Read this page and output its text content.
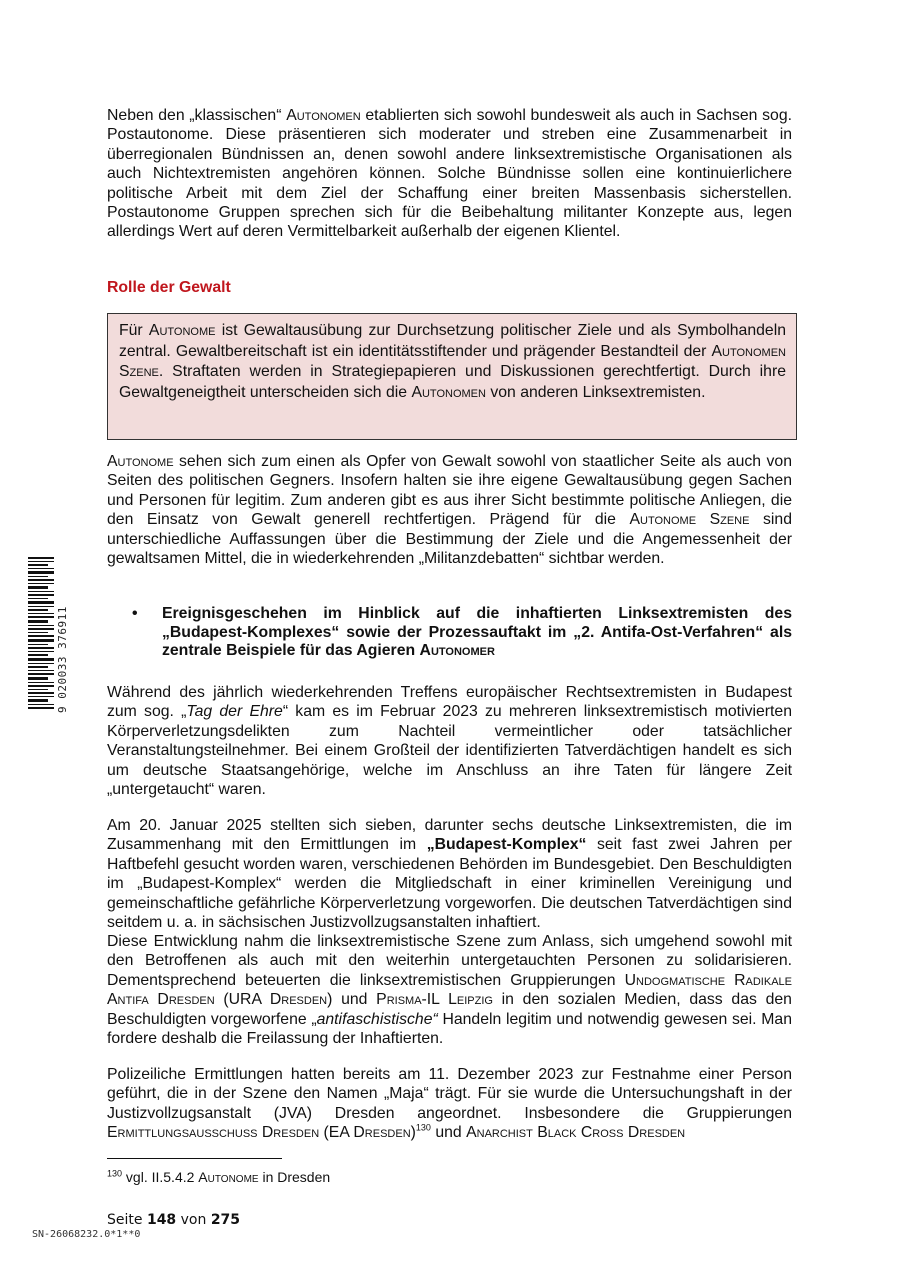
Neben den „klassischen“ Autonomen etablierten sich sowohl bundesweit als auch in Sachsen sog. Postautonome. Diese präsentieren sich moderater und streben eine Zusammenarbeit in überregionalen Bündnissen an, denen sowohl andere linksextremistische Organisationen als auch Nichtextremisten angehören können. Solche Bündnisse sollen eine kontinuierlichere politische Arbeit mit dem Ziel der Schaffung einer breiten Massenbasis sicherstellen. Postautonome Gruppen sprechen sich für die Beibehaltung militanter Konzepte aus, legen allerdings Wert auf deren Vermittelbarkeit außerhalb der eigenen Klientel.

Rolle der Gewalt

Für Autonome ist Gewaltausübung zur Durchsetzung politischer Ziele und als Symbolhandeln zentral. Gewaltbereitschaft ist ein identitätsstiftender und prägender Bestandteil der Autonomen Szene. Straftaten werden in Strategiepapieren und Diskussionen gerechtfertigt. Durch ihre Gewaltgeneigtheit unterscheiden sich die Autonomen von anderen Linksextremisten.

Autonome sehen sich zum einen als Opfer von Gewalt sowohl von staatlicher Seite als auch von Seiten des politischen Gegners. Insofern halten sie ihre eigene Gewaltausübung gegen Sachen und Personen für legitim. Zum anderen gibt es aus ihrer Sicht bestimmte politische Anliegen, die den Einsatz von Gewalt generell rechtfertigen. Prägend für die Autonome Szene sind unterschiedliche Auffassungen über die Bestimmung der Ziele und die Angemessenheit der gewaltsamen Mittel, die in wiederkehrenden „Militanzdebatten“ sichtbar werden.

•	Ereignisgeschehen im Hinblick auf die inhaftierten Linksextremisten des „Budapest-Komplexes“ sowie der Prozessauftakt im „2. Antifa-Ost-Verfahren“ als zentrale Beispiele für das Agieren Autonomer

Während des jährlich wiederkehrenden Treffens europäischer Rechtsextremisten in Budapest zum sog. „Tag der Ehre“ kam es im Februar 2023 zu mehreren linksextremistisch motivierten Körperverletzungsdelikten zum Nachteil vermeintlicher oder tatsächlicher Veranstaltungsteilnehmer. Bei einem Großteil der identifizierten Tatverdächtigen handelt es sich um deutsche Staatsangehörige, welche im Anschluss an ihre Taten für längere Zeit „untergetaucht“ waren.

Am 20. Januar 2025 stellten sich sieben, darunter sechs deutsche Linksextremisten, die im Zusammenhang mit den Ermittlungen im „Budapest-Komplex“ seit fast zwei Jahren per Haftbefehl gesucht worden waren, verschiedenen Behörden im Bundesgebiet. Den Beschuldigten im „Budapest-Komplex“ werden die Mitgliedschaft in einer kriminellen Vereinigung und gemeinschaftliche gefährliche Körperverletzung vorgeworfen. Die deutschen Tatverdächtigen sind seitdem u. a. in sächsischen Justizvollzugsanstalten inhaftiert.

Diese Entwicklung nahm die linksextremistische Szene zum Anlass, sich umgehend sowohl mit den Betroffenen als auch mit den weiterhin untergetauchten Personen zu solidarisieren. Dementsprechend beteuerten die linksextremistischen Gruppierungen Undogmatische Radikale Antifa Dresden (URA Dresden) und Prisma-IL Leipzig in den sozialen Medien, dass das den Beschuldigten vorgeworfene „antifaschistische“ Handeln legitim und notwendig gewesen sei. Man fordere deshalb die Freilassung der Inhaftierten.

Polizeiliche Ermittlungen hatten bereits am 11. Dezember 2023 zur Festnahme einer Person geführt, die in der Szene den Namen „Maja“ trägt. Für sie wurde die Untersuchungshaft in der Justizvollzugsanstalt (JVA) Dresden angeordnet. Insbesondere die Gruppierungen Ermittlungsausschuss Dresden (EA Dresden)$^{130}$ und Anarchist Black Cross Dresden

$^{130}$ vgl. II.5.4.2 Autonome in Dresden
Seite 148 von 275
SN-26068232.0*1**0
9 020033 376911
